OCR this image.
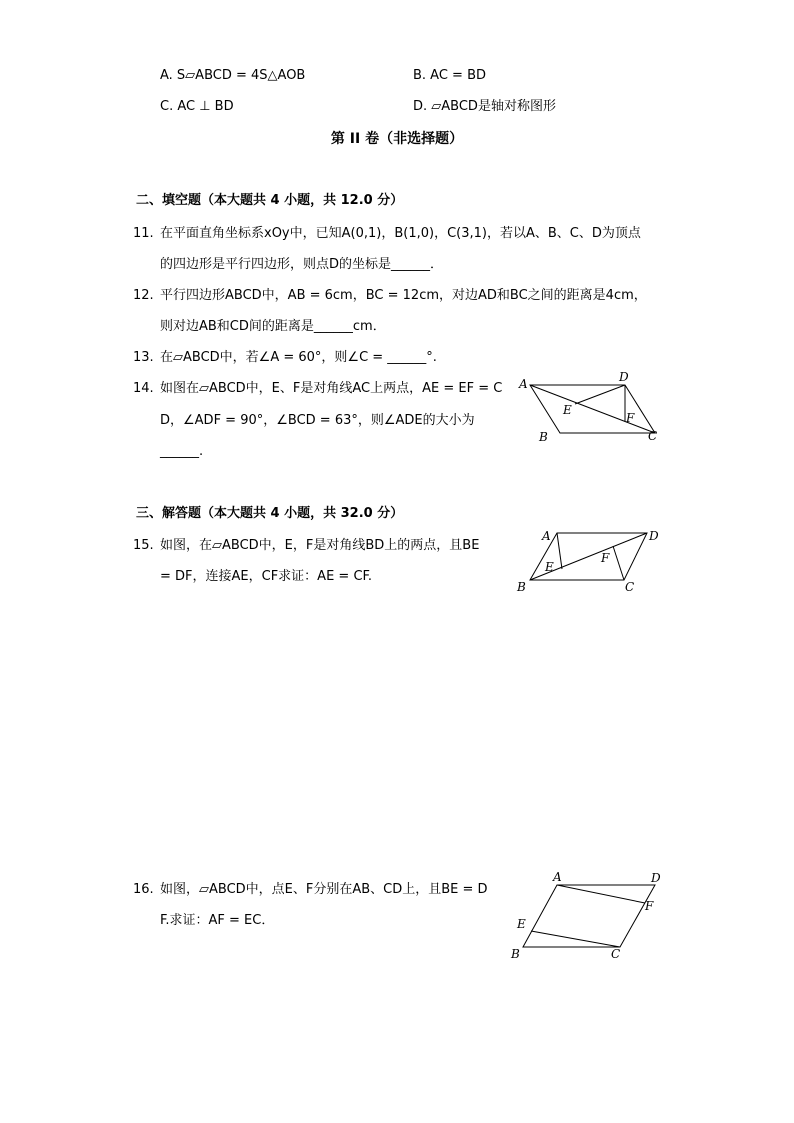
A. S▱ABCD = 4S△AOB	B. AC = BD
C. AC ⊥ BD	D. ▱ABCD是轴对称图形
第 II 卷（非选择题）
二、填空题（本大题共 4 小题，共 12.0 分）
11. 在平面直角坐标系xOy中，已知A(0,1)，B(1,0)，C(3,1)，若以A、B、C、D为顶点
的四边形是平行四边形，则点D的坐标是______．
12. 平行四边形ABCD中，AB = 6cm，BC = 12cm，对边AD和BC之间的距离是4cm，
则对边AB和CD间的距离是______cm．
13. 在▱ABCD中，若∠A = 60°，则∠C = ______°.
14. 如图在▱ABCD中，E、F是对角线AC上两点，AE = EF = C
D，∠ADF = 90°，∠BCD = 63°，则∠ADE的大小为
______.
A	D
B	C
E
F
三、解答题（本大题共 4 小题，共 32.0 分）
15. 如图，在▱ABCD中，E，F是对角线BD上的两点，且BE
= DF，连接AE，CF求证：AE = CF.
A	D
B	C
E
F
16. 如图，▱ABCD中，点E、F分别在AB、CD上，且BE = D
F.求证：AF = EC．
A	D
B	C
E
F
